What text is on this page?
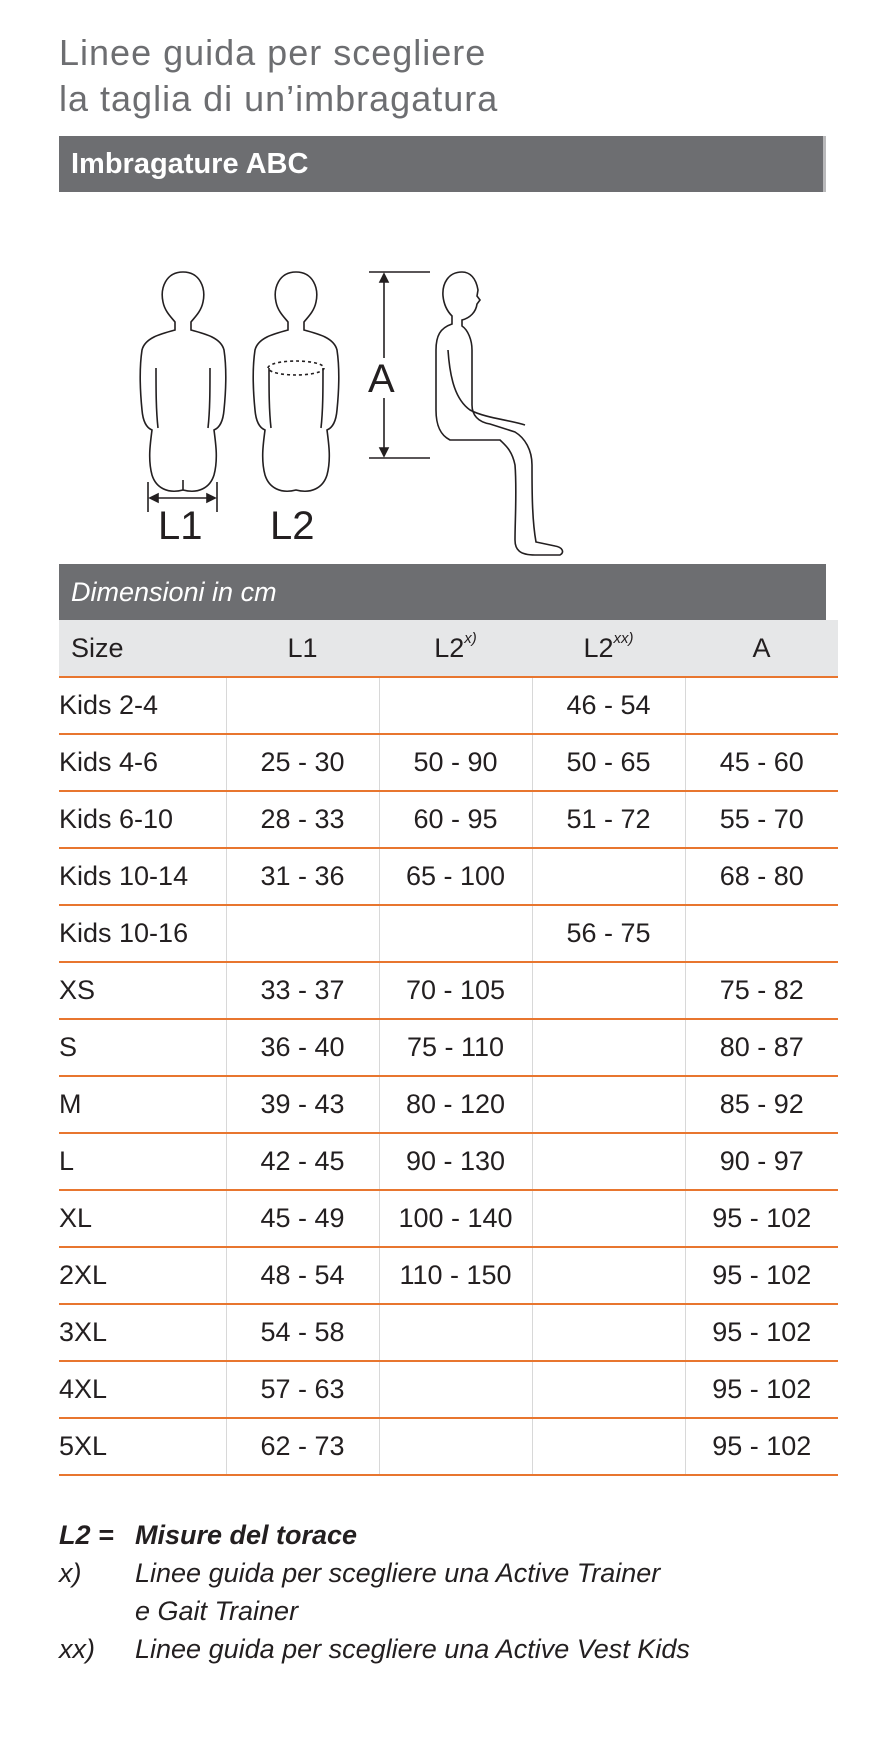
Linee guida per scegliere
la taglia di un’imbragatura
Imbragature ABC
L1 L2
A
Dimensioni in cm
Size	L1	L2$^{x)}$	L2$^{xx)}$	A
Kids 2-4			46 - 54	
Kids 4-6	25 - 30	50 - 90	50 - 65	45 - 60
Kids 6-10	28 - 33	60 - 95	51 - 72	55 - 70
Kids 10-14	31 - 36	65 - 100		68 - 80
Kids 10-16			56 - 75	
XS	33 - 37	70 - 105		75 - 82
S	36 - 40	75 - 110		80 - 87
M	39 - 43	80 - 120		85 - 92
L	42 - 45	90 - 130		90 - 97
XL	45 - 49	100 - 140		95 - 102
2XL	48 - 54	110 - 150		95 - 102
3XL	54 - 58			95 - 102
4XL	57 - 63			95 - 102
5XL	62 - 73			95 - 102
L2 = Misure del torace
x)	Linee guida per scegliere una Active Trainer
e Gait Trainer
xx)	Linee guida per scegliere una Active Vest Kids
